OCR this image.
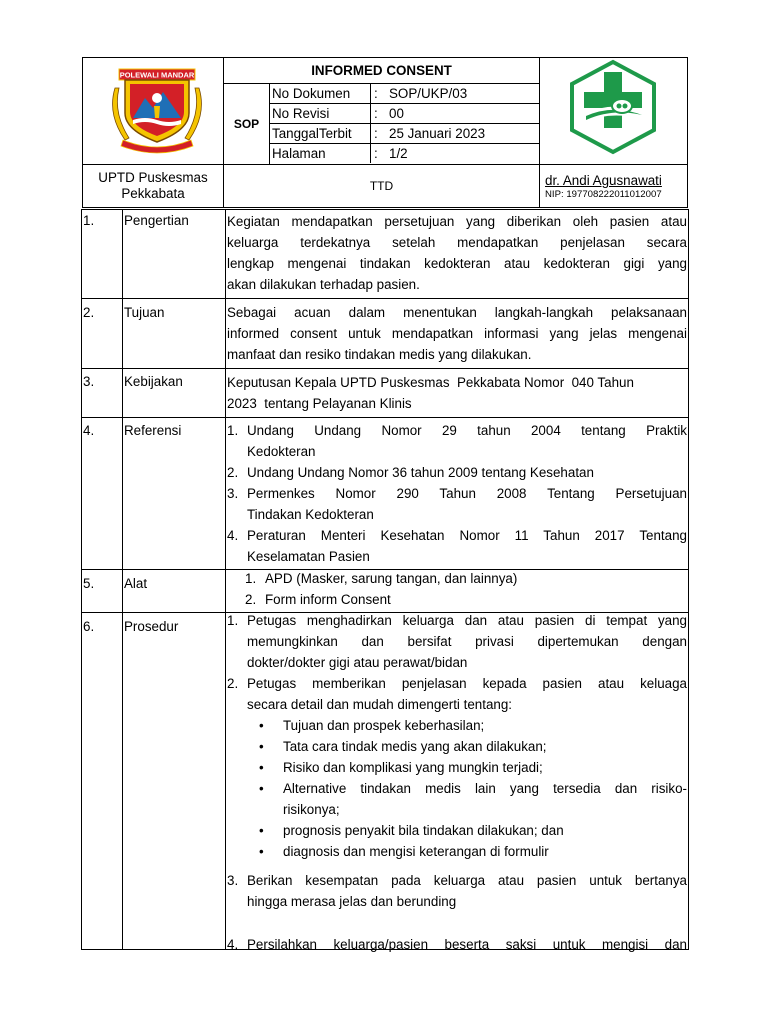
POLEWALI MANDAR	INFORMED CONSENT
SOP
No Dokumen : SOP/UKP/03
No Revisi	: 00
TanggalTerbit : 25 Januari 2023
Halaman	: 1/2
UPTD Puskesmas
Pekkabata	TTD	dr. Andi Agusnawati
NIP: 197708222011012007
1. Pengertian	Kegiatan mendapatkan persetujuan yang diberikan oleh pasien atau
keluarga terdekatnya setelah mendapatkan penjelasan secara
lengkap mengenai tindakan kedokteran atau kedokteran gigi yang
akan dilakukan terhadap pasien.
2. Tujuan	Sebagai acuan dalam menentukan langkah-langkah pelaksanaan
informed consent untuk mendapatkan informasi yang jelas mengenai
manfaat dan resiko tindakan medis yang dilakukan.
3. Kebijakan	Keputusan Kepala UPTD Puskesmas  Pekkabata Nomor  040 Tahun
2023  tentang Pelayanan Klinis
4. Referensi	1. Undang Undang Nomor 29 tahun 2004 tentang Praktik
Kedokteran
2. Undang Undang Nomor 36 tahun 2009 tentang Kesehatan
3. Permenkes Nomor 290 Tahun 2008 Tentang Persetujuan
Tindakan Kedokteran
4. Peraturan Menteri Kesehatan Nomor 11 Tahun 2017 Tentang
Keselamatan Pasien
5. Alat	1. APD (Masker, sarung tangan, dan lainnya)
2. Form inform Consent
6. Prosedur	1. Petugas menghadirkan keluarga dan atau pasien di tempat yang
memungkinkan dan bersifat privasi dipertemukan dengan
dokter/dokter gigi atau perawat/bidan
2. Petugas memberikan penjelasan kepada pasien atau keluaga
secara detail dan mudah dimengerti tentang:
• Tujuan dan prospek keberhasilan;
• Tata cara tindak medis yang akan dilakukan;
• Risiko dan komplikasi yang mungkin terjadi;
• Alternative tindakan medis lain yang tersedia dan risiko-
risikonya;
• prognosis penyakit bila tindakan dilakukan; dan
• diagnosis dan mengisi keterangan di formulir
3. Berikan kesempatan pada keluarga atau pasien untuk bertanya
hingga merasa jelas dan berunding
4. Persilahkan keluarga/pasien beserta saksi untuk mengisi dan
